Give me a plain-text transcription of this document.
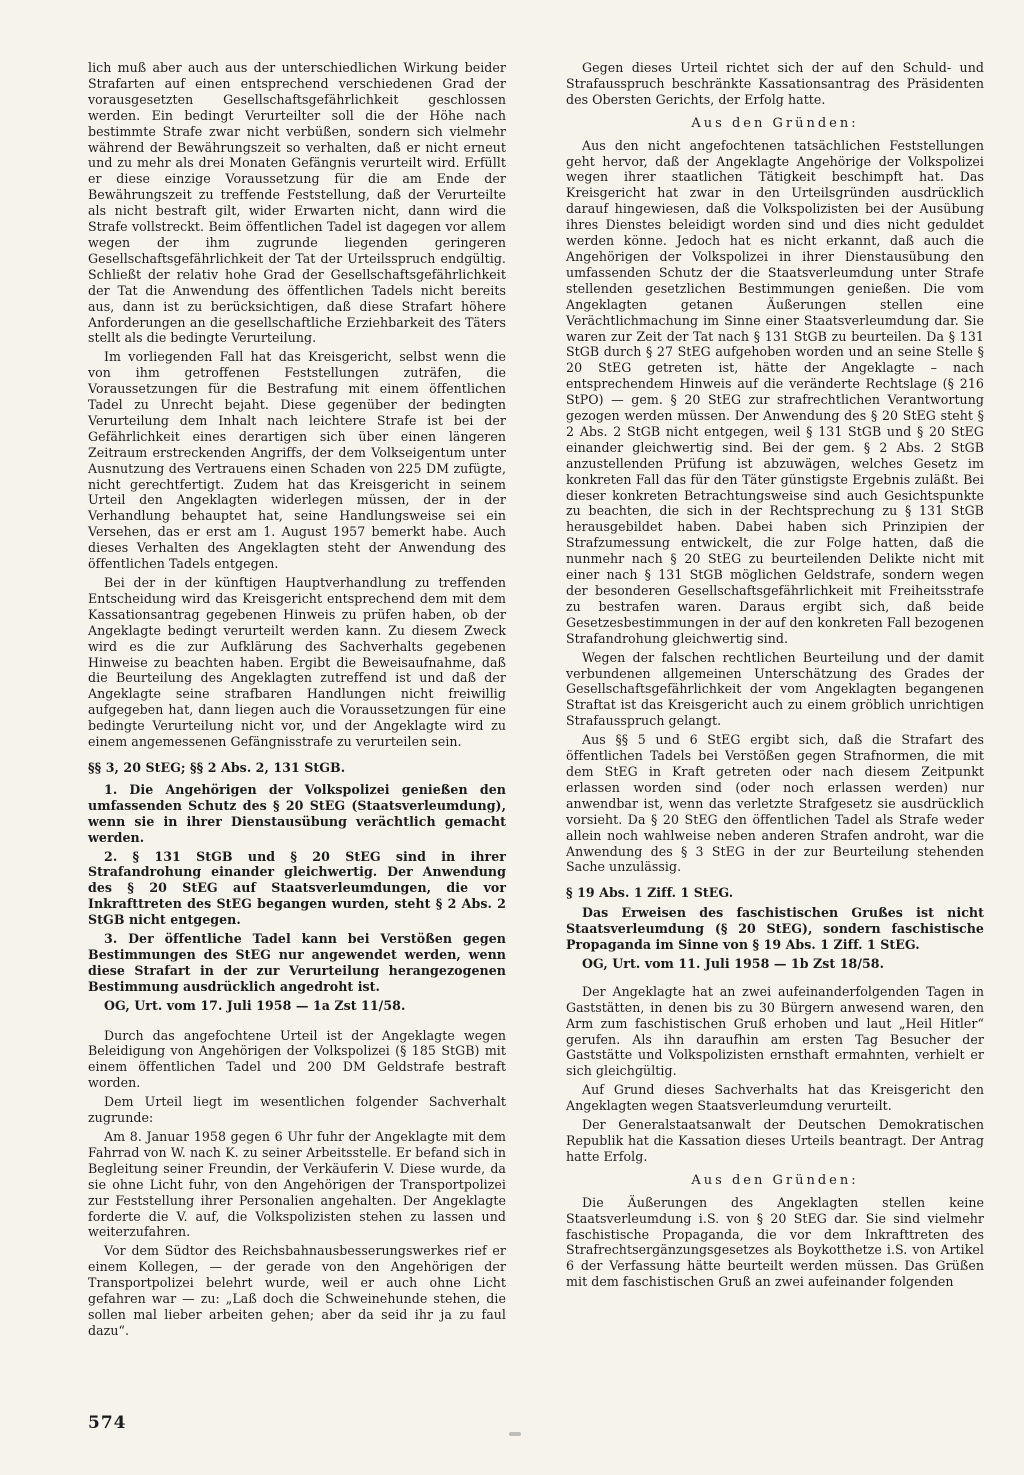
lich muß aber auch aus der unterschiedlichen Wirkung beider Strafarten auf einen entsprechend verschiedenen Grad der vorausgesetzten Gesellschaftsgefährlichkeit geschlossen werden. Ein bedingt Verurteilter soll die der Höhe nach bestimmte Strafe zwar nicht verbüßen, sondern sich vielmehr während der Bewährungszeit so verhalten, daß er nicht erneut und zu mehr als drei Monaten Gefängnis verurteilt wird. Erfüllt er diese einzige Voraussetzung für die am Ende der Bewährungszeit zu treffende Feststellung, daß der Verurteilte als nicht bestraft gilt, wider Erwarten nicht, dann wird die Strafe vollstreckt. Beim öffentlichen Tadel ist dagegen vor allem wegen der ihm zugrunde liegenden geringeren Gesellschaftsgefährlichkeit der Tat der Urteilsspruch endgültig. Schließt der relativ hohe Grad der Gesellschaftsgefährlichkeit der Tat die Anwendung des öffentlichen Tadels nicht bereits aus, dann ist zu berücksichtigen, daß diese Strafart höhere Anforderungen an die gesellschaftliche Erziehbarkeit des Täters stellt als die bedingte Verurteilung.

Im vorliegenden Fall hat das Kreisgericht, selbst wenn die von ihm getroffenen Feststellungen zuträfen, die Voraussetzungen für die Bestrafung mit einem öffentlichen Tadel zu Unrecht bejaht. Diese gegenüber der bedingten Verurteilung dem Inhalt nach leichtere Strafe ist bei der Gefährlichkeit eines derartigen sich über einen längeren Zeitraum erstreckenden Angriffs, der dem Volkseigentum unter Ausnutzung des Vertrauens einen Schaden von 225 DM zufügte, nicht gerechtfertigt. Zudem hat das Kreisgericht in seinem Urteil den Angeklagten widerlegen müssen, der in der Verhandlung behauptet hat, seine Handlungsweise sei ein Versehen, das er erst am 1. August 1957 bemerkt habe. Auch dieses Verhalten des Angeklagten steht der Anwendung des öffentlichen Tadels entgegen.

Bei der in der künftigen Hauptverhandlung zu treffenden Entscheidung wird das Kreisgericht entsprechend dem mit dem Kassationsantrag gegebenen Hinweis zu prüfen haben, ob der Angeklagte bedingt verurteilt werden kann. Zu diesem Zweck wird es die zur Aufklärung des Sachverhalts gegebenen Hinweise zu beachten haben. Ergibt die Beweisaufnahme, daß die Beurteilung des Angeklagten zutreffend ist und daß der Angeklagte seine strafbaren Handlungen nicht freiwillig aufgegeben hat, dann liegen auch die Voraussetzungen für eine bedingte Verurteilung nicht vor, und der Angeklagte wird zu einem angemessenen Gefängnisstrafe zu verurteilen sein.

§§ 3, 20 StEG; §§ 2 Abs. 2, 131 StGB.

1. Die Angehörigen der Volkspolizei genießen den umfassenden Schutz des § 20 StEG (Staatsverleumdung), wenn sie in ihrer Dienstausübung verächtlich gemacht werden.

2. § 131 StGB und § 20 StEG sind in ihrer Strafandrohung einander gleichwertig. Der Anwendung des § 20 StEG auf Staatsverleumdungen, die vor Inkrafttreten des StEG begangen wurden, steht § 2 Abs. 2 StGB nicht entgegen.

3. Der öffentliche Tadel kann bei Verstößen gegen Bestimmungen des StEG nur angewendet werden, wenn diese Strafart in der zur Verurteilung herangezogenen Bestimmung ausdrücklich angedroht ist.

OG, Urt. vom 17. Juli 1958 — 1a Zst 11/58.

Durch das angefochtene Urteil ist der Angeklagte wegen Beleidigung von Angehörigen der Volkspolizei (§ 185 StGB) mit einem öffentlichen Tadel und 200 DM Geldstrafe bestraft worden.

Dem Urteil liegt im wesentlichen folgender Sachverhalt zugrunde:

Am 8. Januar 1958 gegen 6 Uhr fuhr der Angeklagte mit dem Fahrrad von W. nach K. zu seiner Arbeitsstelle. Er befand sich in Begleitung seiner Freundin, der Verkäuferin V. Diese wurde, da sie ohne Licht fuhr, von den Angehörigen der Transportpolizei zur Feststellung ihrer Personalien angehalten. Der Angeklagte forderte die V. auf, die Volkspolizisten stehen zu lassen und weiterzufahren.

Vor dem Südtor des Reichsbahnausbesserungswerkes rief er einem Kollegen, — der gerade von den Angehörigen der Transportpolizei belehrt wurde, weil er auch ohne Licht gefahren war — zu: „Laß doch die Schweinehunde stehen, die sollen mal lieber arbeiten gehen; aber da seid ihr ja zu faul dazu“.

Gegen dieses Urteil richtet sich der auf den Schuld- und Strafausspruch beschränkte Kassationsantrag des Präsidenten des Obersten Gerichts, der Erfolg hatte.

Aus den Gründen:

Aus den nicht angefochtenen tatsächlichen Feststellungen geht hervor, daß der Angeklagte Angehörige der Volkspolizei wegen ihrer staatlichen Tätigkeit beschimpft hat. Das Kreisgericht hat zwar in den Urteilsgründen ausdrücklich darauf hingewiesen, daß die Volkspolizisten bei der Ausübung ihres Dienstes beleidigt worden sind und dies nicht geduldet werden könne. Jedoch hat es nicht erkannt, daß auch die Angehörigen der Volkspolizei in ihrer Dienstausübung den umfassenden Schutz der die Staatsverleumdung unter Strafe stellenden gesetzlichen Bestimmungen genießen. Die vom Angeklagten getanen Äußerungen stellen eine Verächtlichmachung im Sinne einer Staatsverleumdung dar. Sie waren zur Zeit der Tat nach § 131 StGB zu beurteilen. Da § 131 StGB durch § 27 StEG aufgehoben worden und an seine Stelle § 20 StEG getreten ist, hätte der Angeklagte – nach entsprechendem Hinweis auf die veränderte Rechtslage (§ 216 StPO) — gem. § 20 StEG zur strafrechtlichen Verantwortung gezogen werden müssen. Der Anwendung des § 20 StEG steht § 2 Abs. 2 StGB nicht entgegen, weil § 131 StGB und § 20 StEG einander gleichwertig sind. Bei der gem. § 2 Abs. 2 StGB anzustellenden Prüfung ist abzuwägen, welches Gesetz im konkreten Fall das für den Täter günstigste Ergebnis zuläßt. Bei dieser konkreten Betrachtungsweise sind auch Gesichtspunkte zu beachten, die sich in der Rechtsprechung zu § 131 StGB herausgebildet haben. Dabei haben sich Prinzipien der Strafzumessung entwickelt, die zur Folge hatten, daß die nunmehr nach § 20 StEG zu beurteilenden Delikte nicht mit einer nach § 131 StGB möglichen Geldstrafe, sondern wegen der besonderen Gesellschaftsgefährlichkeit mit Freiheitsstrafe zu bestrafen waren. Daraus ergibt sich, daß beide Gesetzesbestimmungen in der auf den konkreten Fall bezogenen Strafandrohung gleichwertig sind.

Wegen der falschen rechtlichen Beurteilung und der damit verbundenen allgemeinen Unterschätzung des Grades der Gesellschaftsgefährlichkeit der vom Angeklagten begangenen Straftat ist das Kreisgericht auch zu einem gröblich unrichtigen Strafausspruch gelangt.

Aus §§ 5 und 6 StEG ergibt sich, daß die Strafart des öffentlichen Tadels bei Verstößen gegen Strafnormen, die mit dem StEG in Kraft getreten oder nach diesem Zeitpunkt erlassen worden sind (oder noch erlassen werden) nur anwendbar ist, wenn das verletzte Strafgesetz sie ausdrücklich vorsieht. Da § 20 StEG den öffentlichen Tadel als Strafe weder allein noch wahlweise neben anderen Strafen androht, war die Anwendung des § 3 StEG in der zur Beurteilung stehenden Sache unzulässig.

§ 19 Abs. 1 Ziff. 1 StEG.

Das Erweisen des faschistischen Grußes ist nicht Staatsverleumdung (§ 20 StEG), sondern faschistische Propaganda im Sinne von § 19 Abs. 1 Ziff. 1 StEG.

OG, Urt. vom 11. Juli 1958 — 1b Zst 18/58.

Der Angeklagte hat an zwei aufeinanderfolgenden Tagen in Gaststätten, in denen bis zu 30 Bürgern anwesend waren, den Arm zum faschistischen Gruß erhoben und laut „Heil Hitler“ gerufen. Als ihn daraufhin am ersten Tag Besucher der Gaststätte und Volkspolizisten ernsthaft ermahnten, verhielt er sich gleichgültig.

Auf Grund dieses Sachverhalts hat das Kreisgericht den Angeklagten wegen Staatsverleumdung verurteilt.

Der Generalstaatsanwalt der Deutschen Demokratischen Republik hat die Kassation dieses Urteils beantragt. Der Antrag hatte Erfolg.

Aus den Gründen:

Die Äußerungen des Angeklagten stellen keine Staatsverleumdung i.S. von § 20 StEG dar. Sie sind vielmehr faschistische Propaganda, die vor dem Inkrafttreten des Strafrechtsergänzungsgesetzes als Boykotthetze i.S. von Artikel 6 der Verfassung hätte beurteilt werden müssen. Das Grüßen mit dem faschistischen Gruß an zwei aufeinander folgenden

574
